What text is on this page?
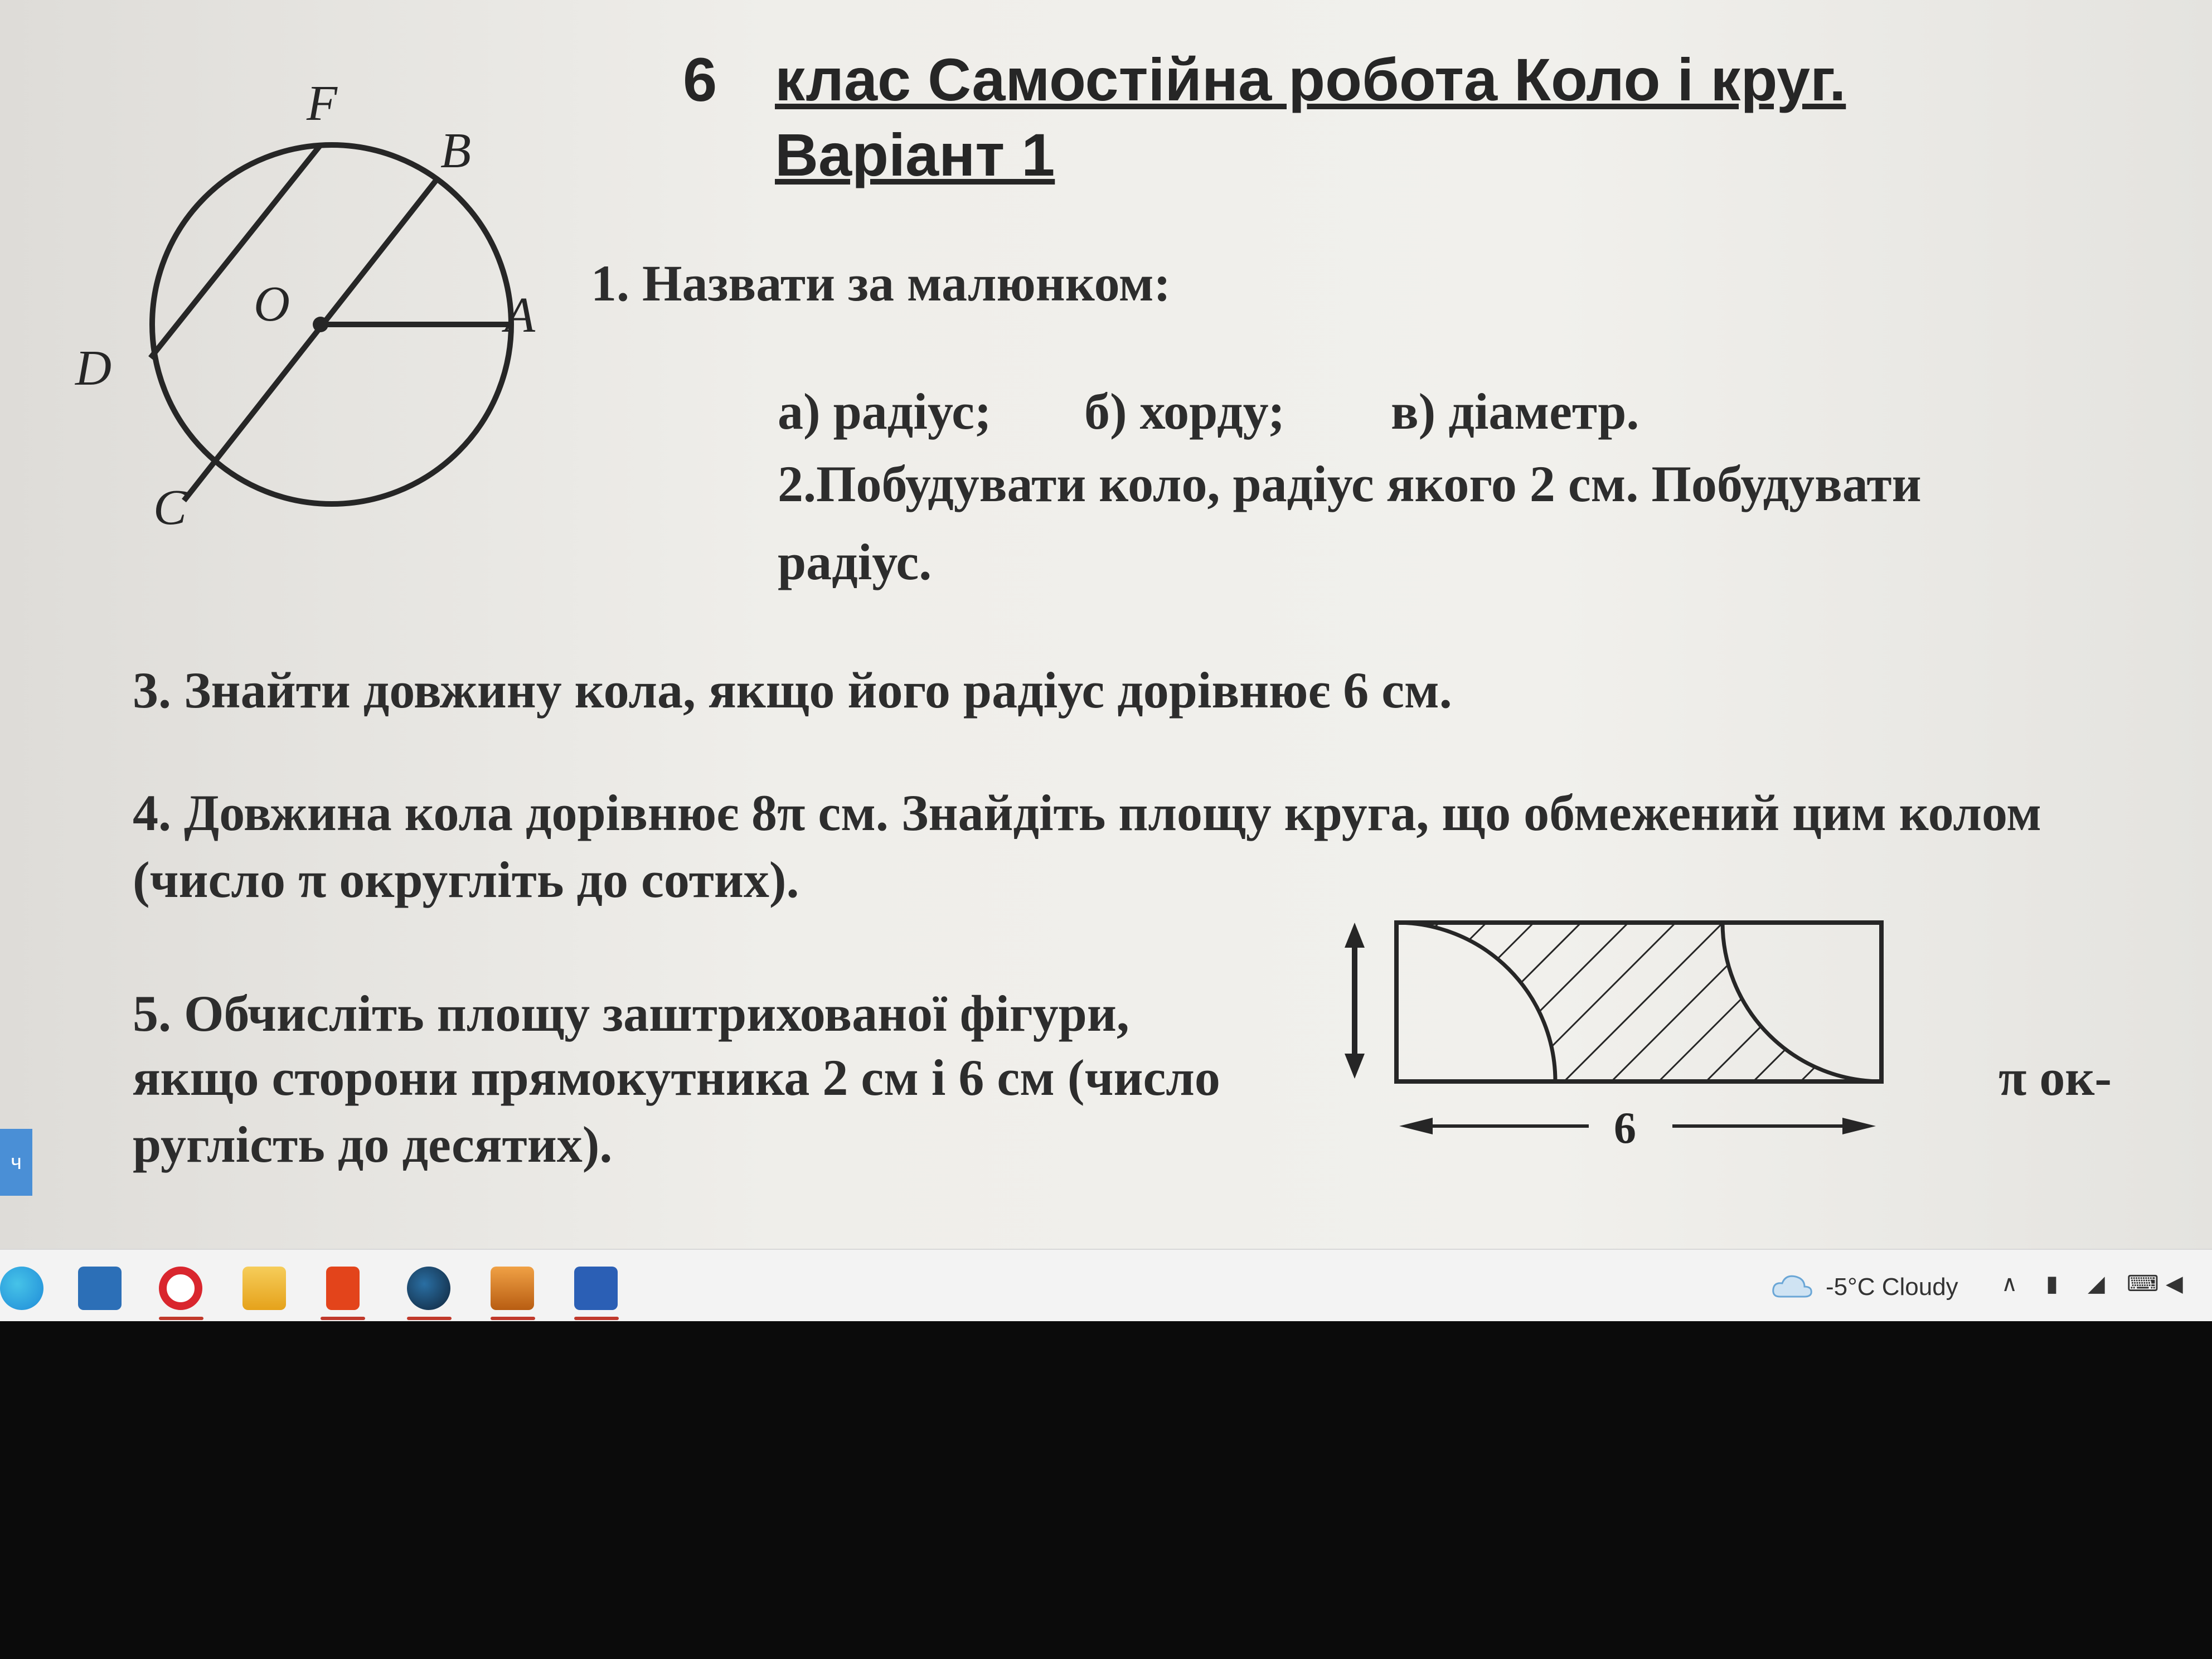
F
B
O	A
D
C
6 клас Самостійна робота Коло і круг.
Варіант 1
1. Назвати за малюнком:
а) радіус; б) хорду; в) діаметр.
2.Побудувати коло, радіус якого 2 см. Побудувати
радіус.
3. Знайти довжину кола, якщо його радіус дорівнює 6 см.
4. Довжина кола дорівнює 8π см. Знайдіть площу круга, що обмежений цим колом
(число π округліть до сотих).
5. Обчисліть площу заштрихованої фігури,
якщо сторони прямокутника 2 см і 6 см (число
руглість до десятих).
π ок-
6
ч
-5°C Cloudy ∧ ▮ ◢ ⌨ ◀
